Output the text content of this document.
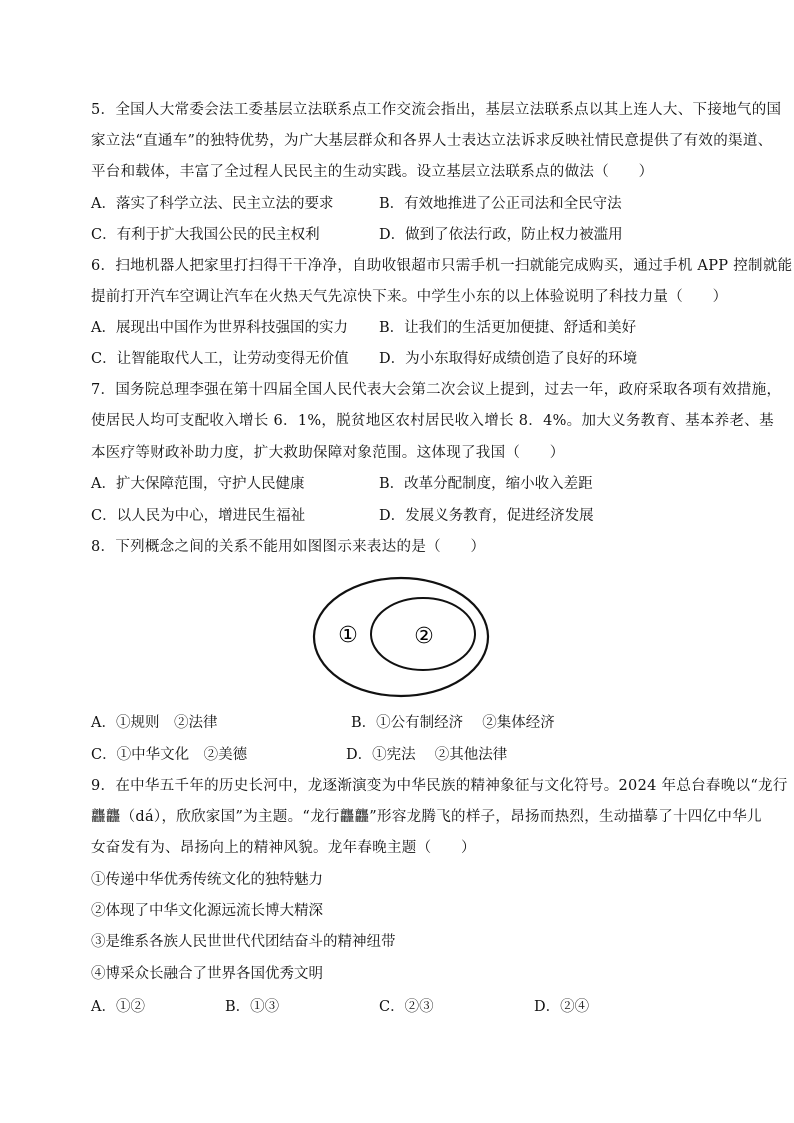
5．全国人大常委会法工委基层立法联系点工作交流会指出，基层立法联系点以其上连人大、下接地气的国
家立法“直通车”的独特优势，为广大基层群众和各界人士表达立法诉求反映社情民意提供了有效的渠道、
平台和载体，丰富了全过程人民民主的生动实践。设立基层立法联系点的做法（　　）
A．落实了科学立法、民主立法的要求	B．有效地推进了公正司法和全民守法
C．有利于扩大我国公民的民主权利	D．做到了依法行政，防止权力被滥用
6．扫地机器人把家里打扫得干干净净，自助收银超市只需手机一扫就能完成购买，通过手机 APP 控制就能
提前打开汽车空调让汽车在火热天气先凉快下来。中学生小东的以上体验说明了科技力量（　　）
A．展现出中国作为世界科技强国的实力 B．让我们的生活更加便捷、舒适和美好
C．让智能取代人工，让劳动变得无价值 D．为小东取得好成绩创造了良好的环境
7．国务院总理李强在第十四届全国人民代表大会第二次会议上提到，过去一年，政府采取各项有效措施，
使居民人均可支配收入增长 6．1%，脱贫地区农村居民收入增长 8．4%。加大义务教育、基本养老、基
本医疗等财政补助力度，扩大救助保障对象范围。这体现了我国（　　）
A．扩大保障范围，守护人民健康	B．改革分配制度，缩小收入差距
C．以人民为中心，增进民生福祉	D．发展义务教育，促进经济发展
8．下列概念之间的关系不能用如图图示来表达的是（　　）
①	②
A．①规则　②法律	B．①公有制经济　 ②集体经济
C．①中华文化　②美德	D．①宪法　 ②其他法律
9．在中华五千年的历史长河中，龙逐渐演变为中华民族的精神象征与文化符号。2024 年总台春晚以“龙行
龘龘（dá），欣欣家国”为主题。“龙行龘龘”形容龙腾飞的样子，昂扬而热烈，生动描摹了十四亿中华儿
女奋发有为、昂扬向上的精神风貌。龙年春晚主题（　　）
①传递中华优秀传统文化的独特魅力
②体现了中华文化源远流长博大精深
③是维系各族人民世世代代团结奋斗的精神纽带
④博采众长融合了世界各国优秀文明
A．①②	B．①③	C．②③	D．②④
